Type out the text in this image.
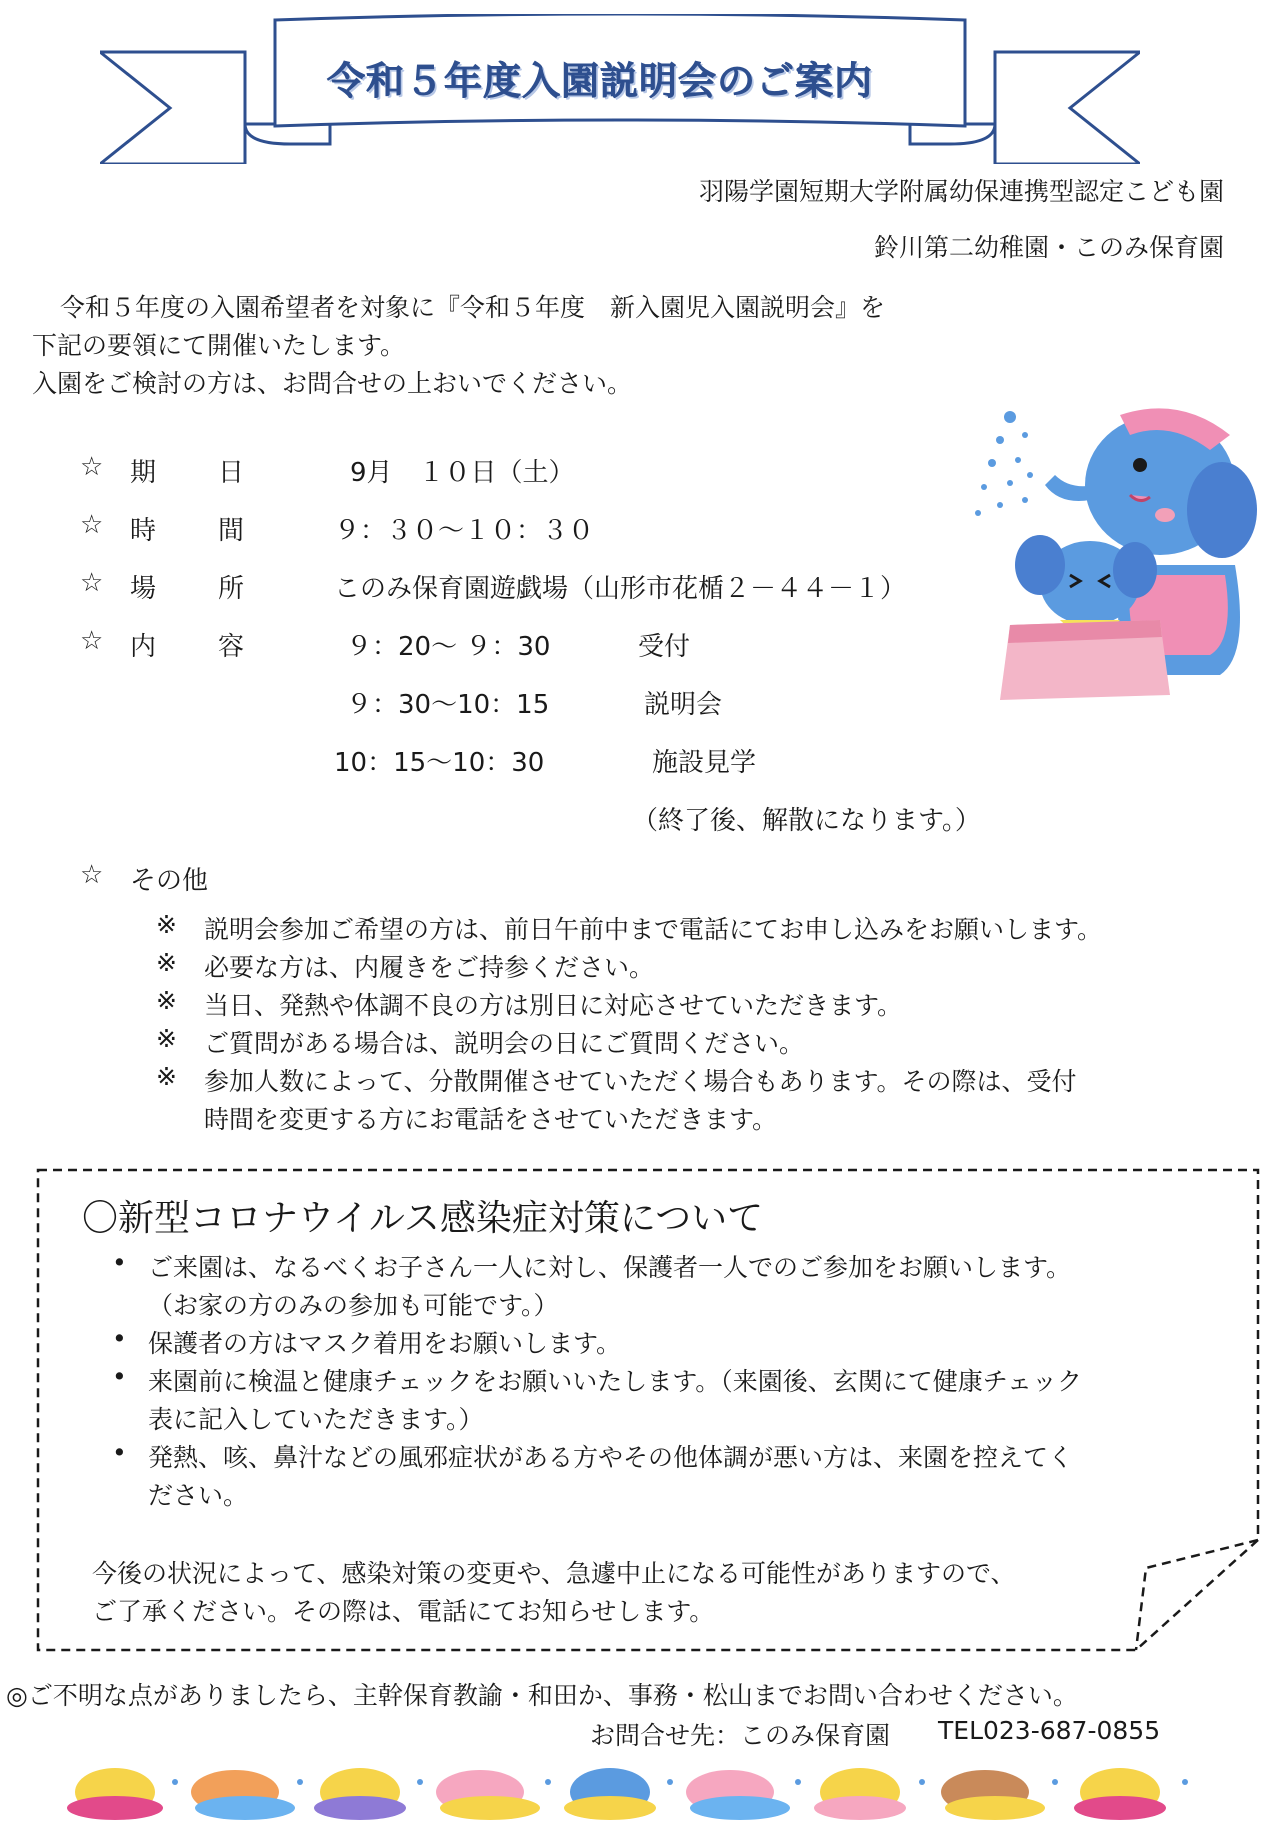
令和５年度入園説明会のご案内
羽陽学園短期大学附属幼保連携型認定こども園
鈴川第二幼稚園・このみ保育園
令和５年度の入園希望者を対象に『令和５年度　新入園児入園説明会』を
下記の要領にて開催いたします。
入園をご検討の方は、お問合せの上おいでください。
☆ 期 日	9月　１０日（土）
☆ 時 間	９：３０～１０：３０
☆ 場 所	このみ保育園遊戯場（山形市花楯２－４４－１）
☆ 内 容	９：20～ ９：30	受付
９：30～10：15	説明会
10：15～10：30	施設見学
（終了後、解散になります。）
☆ その他
※ 説明会参加ご希望の方は、前日午前中まで電話にてお申し込みをお願いします。
※ 必要な方は、内履きをご持参ください。
※ 当日、発熱や体調不良の方は別日に対応させていただきます。
※ ご質問がある場合は、説明会の日にご質問ください。
※ 参加人数によって、分散開催させていただく場合もあります。その際は、受付
時間を変更する方にお電話をさせていただきます。
〇新型コロナウイルス感染症対策について
• ご来園は、なるべくお子さん一人に対し、保護者一人でのご参加をお願いします。
（お家の方のみの参加も可能です。）
• 保護者の方はマスク着用をお願いします。
• 来園前に検温と健康チェックをお願いいたします。（来園後、玄関にて健康チェック
表に記入していただきます。）
• 発熱、咳、鼻汁などの風邪症状がある方やその他体調が悪い方は、来園を控えてく
ださい。
今後の状況によって、感染対策の変更や、急遽中止になる可能性がありますので、
ご了承ください。その際は、電話にてお知らせします。
◎ご不明な点がありましたら、主幹保育教諭・和田か、事務・松山までお問い合わせください。
お問合せ先：このみ保育園 TEL023-687-0855
